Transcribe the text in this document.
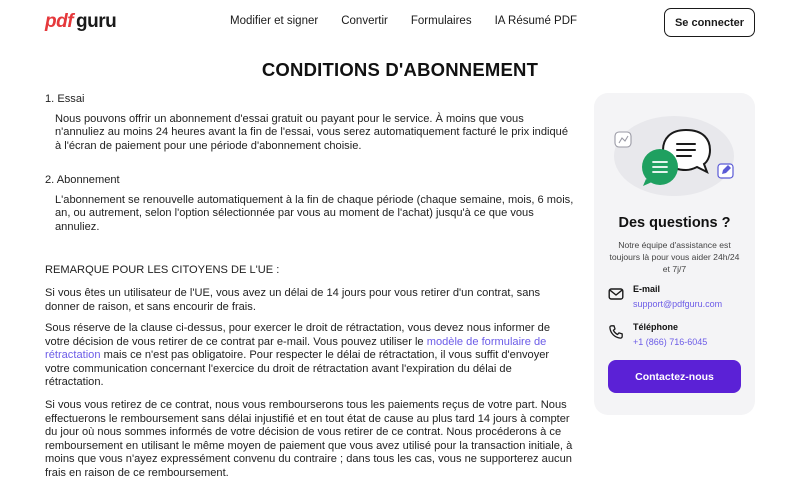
pdf guru	Modifier et signer Convertir Formulaires IA Résumé PDF	Se connecter
CONDITIONS D'ABONNEMENT
1. Essai
Nous pouvons offrir un abonnement d'essai gratuit ou payant pour le service. À moins que vous n'annuliez au moins 24 heures avant la fin de l'essai, vous serez automatiquement facturé le prix indiqué à l'écran de paiement pour une période d'abonnement choisie.
2. Abonnement
L'abonnement se renouvelle automatiquement à la fin de chaque période (chaque semaine, mois, 6 mois, an, ou autrement, selon l'option sélectionnée par vous au moment de l'achat) jusqu'à ce que vous annuliez.
REMARQUE POUR LES CITOYENS DE L'UE :
Si vous êtes un utilisateur de l'UE, vous avez un délai de 14 jours pour vous retirer d'un contrat, sans donner de raison, et sans encourir de frais.
Sous réserve de la clause ci-dessus, pour exercer le droit de rétractation, vous devez nous informer de votre décision de vous retirer de ce contrat par e-mail. Vous pouvez utiliser le modèle de formulaire de rétractation mais ce n'est pas obligatoire. Pour respecter le délai de rétractation, il vous suffit d'envoyer votre communication concernant l'exercice du droit de rétractation avant l'expiration du délai de rétractation.
Si vous vous retirez de ce contrat, nous vous rembourserons tous les paiements reçus de votre part. Nous effectuerons le remboursement sans délai injustifié et en tout état de cause au plus tard 14 jours à compter du jour où nous sommes informés de votre décision de vous retirer de ce contrat. Nous procéderons à ce remboursement en utilisant le même moyen de paiement que vous avez utilisé pour la transaction initiale, à moins que vous n'ayez expressément convenu du contraire ; dans tous les cas, vous ne supporterez aucun frais en raison de ce remboursement.
Des questions ?
Notre équipe d'assistance est toujours là pour vous aider 24h/24 et 7j/7
E-mail
support@pdfguru.com
Téléphone
+1 (866) 716-6045
Contactez-nous
